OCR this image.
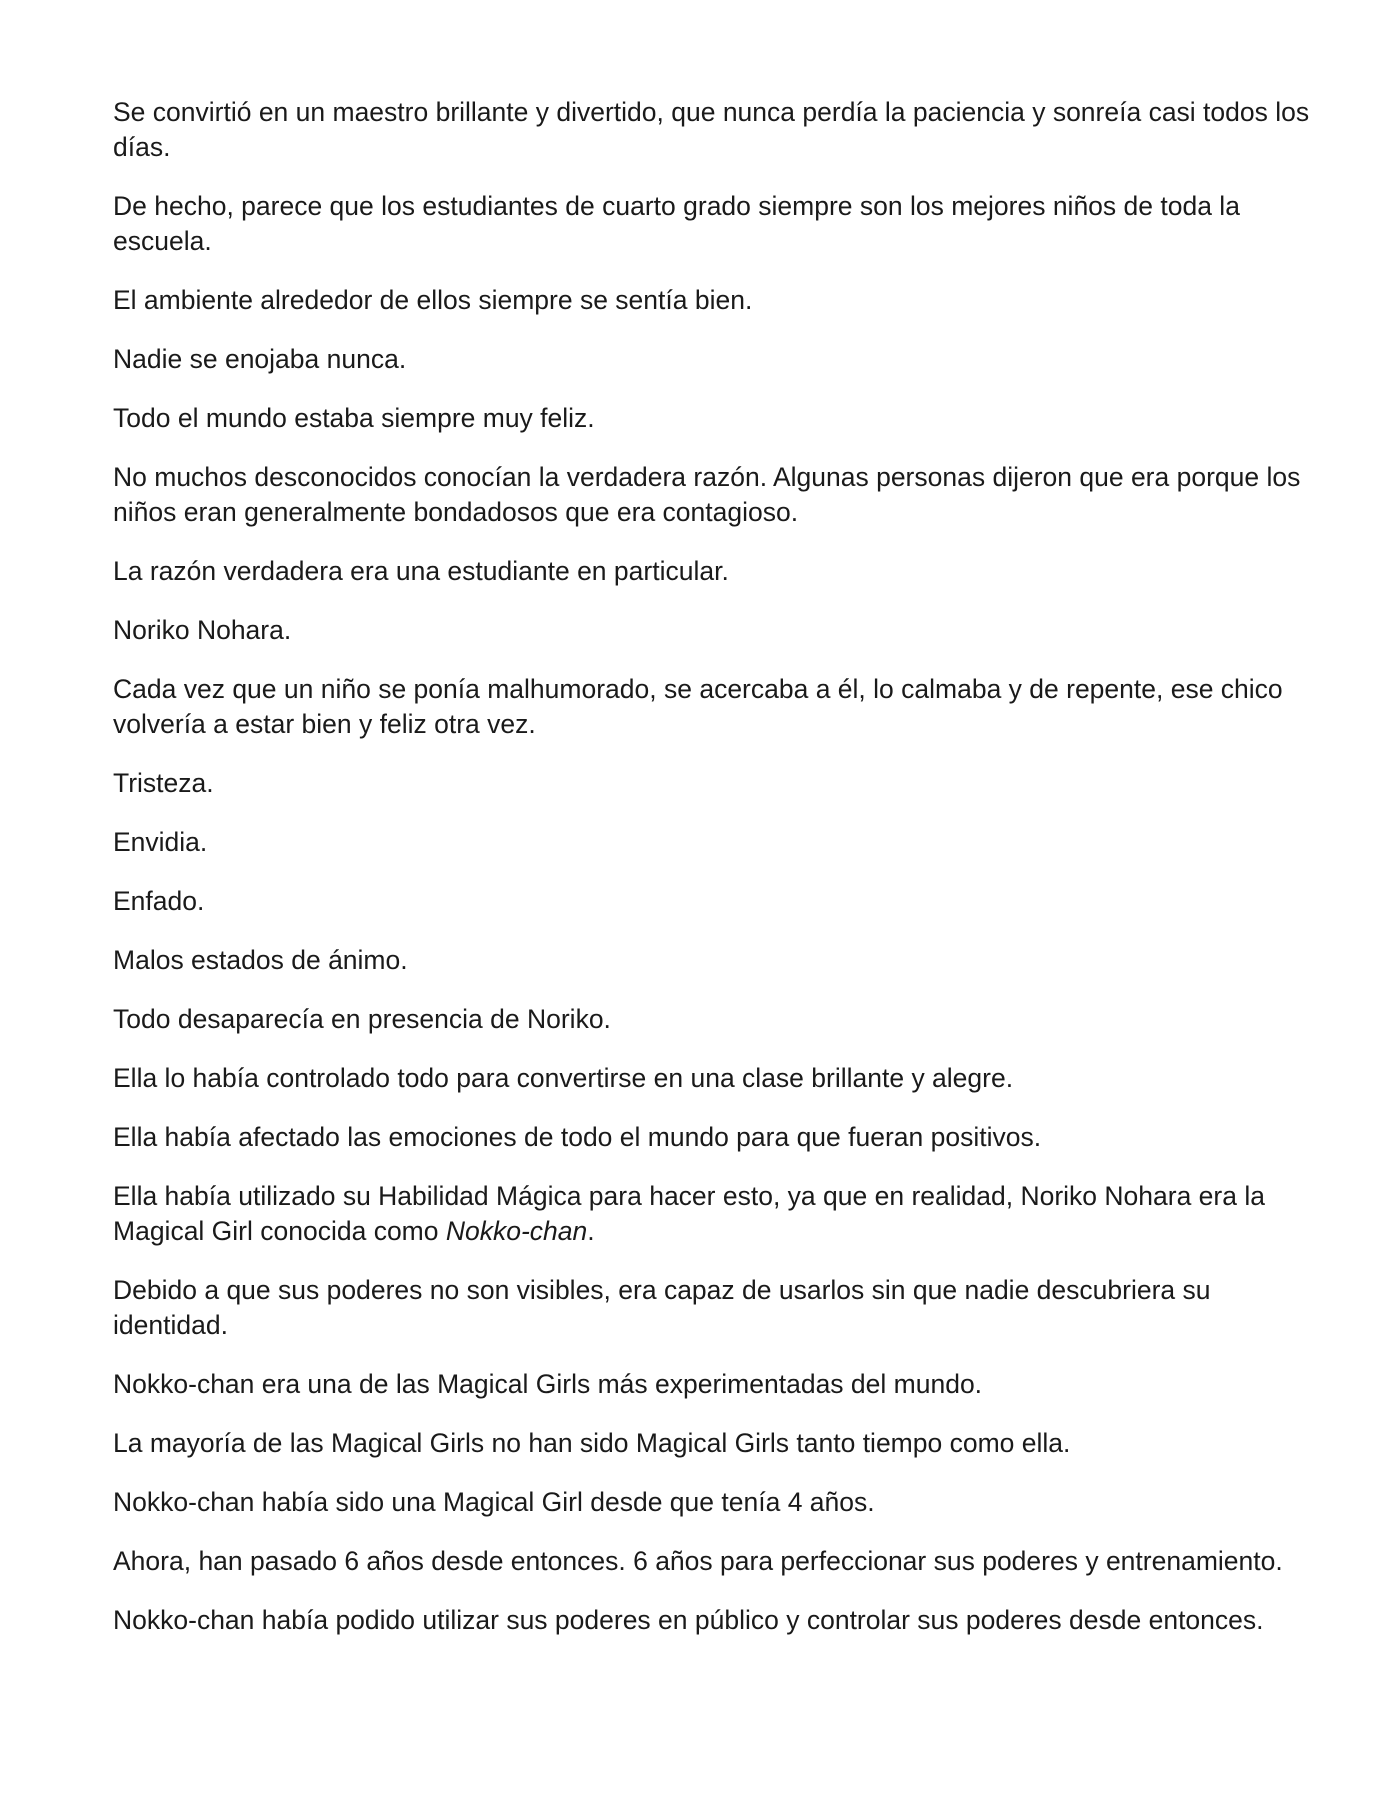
Se convirtió en un maestro brillante y divertido, que nunca perdía la paciencia y sonreía casi todos los días.

De hecho, parece que los estudiantes de cuarto grado siempre son los mejores niños de toda la escuela.

El ambiente alrededor de ellos siempre se sentía bien.

Nadie se enojaba nunca.

Todo el mundo estaba siempre muy feliz.

No muchos desconocidos conocían la verdadera razón. Algunas personas dijeron que era porque los niños eran generalmente bondadosos que era contagioso.

La razón verdadera era una estudiante en particular.

Noriko Nohara.

Cada vez que un niño se ponía malhumorado, se acercaba a él, lo calmaba y de repente, ese chico volvería a estar bien y feliz otra vez.

Tristeza.

Envidia.

Enfado.

Malos estados de ánimo.

Todo desaparecía en presencia de Noriko.

Ella lo había controlado todo para convertirse en una clase brillante y alegre.

Ella había afectado las emociones de todo el mundo para que fueran positivos.

Ella había utilizado su Habilidad Mágica para hacer esto, ya que en realidad, Noriko Nohara era la Magical Girl conocida como Nokko-chan.

Debido a que sus poderes no son visibles, era capaz de usarlos sin que nadie descubriera su identidad.

Nokko-chan era una de las Magical Girls más experimentadas del mundo.

La mayoría de las Magical Girls no han sido Magical Girls tanto tiempo como ella.

Nokko-chan había sido una Magical Girl desde que tenía 4 años.

Ahora, han pasado 6 años desde entonces. 6 años para perfeccionar sus poderes y entrenamiento.

Nokko-chan había podido utilizar sus poderes en público y controlar sus poderes desde entonces.
